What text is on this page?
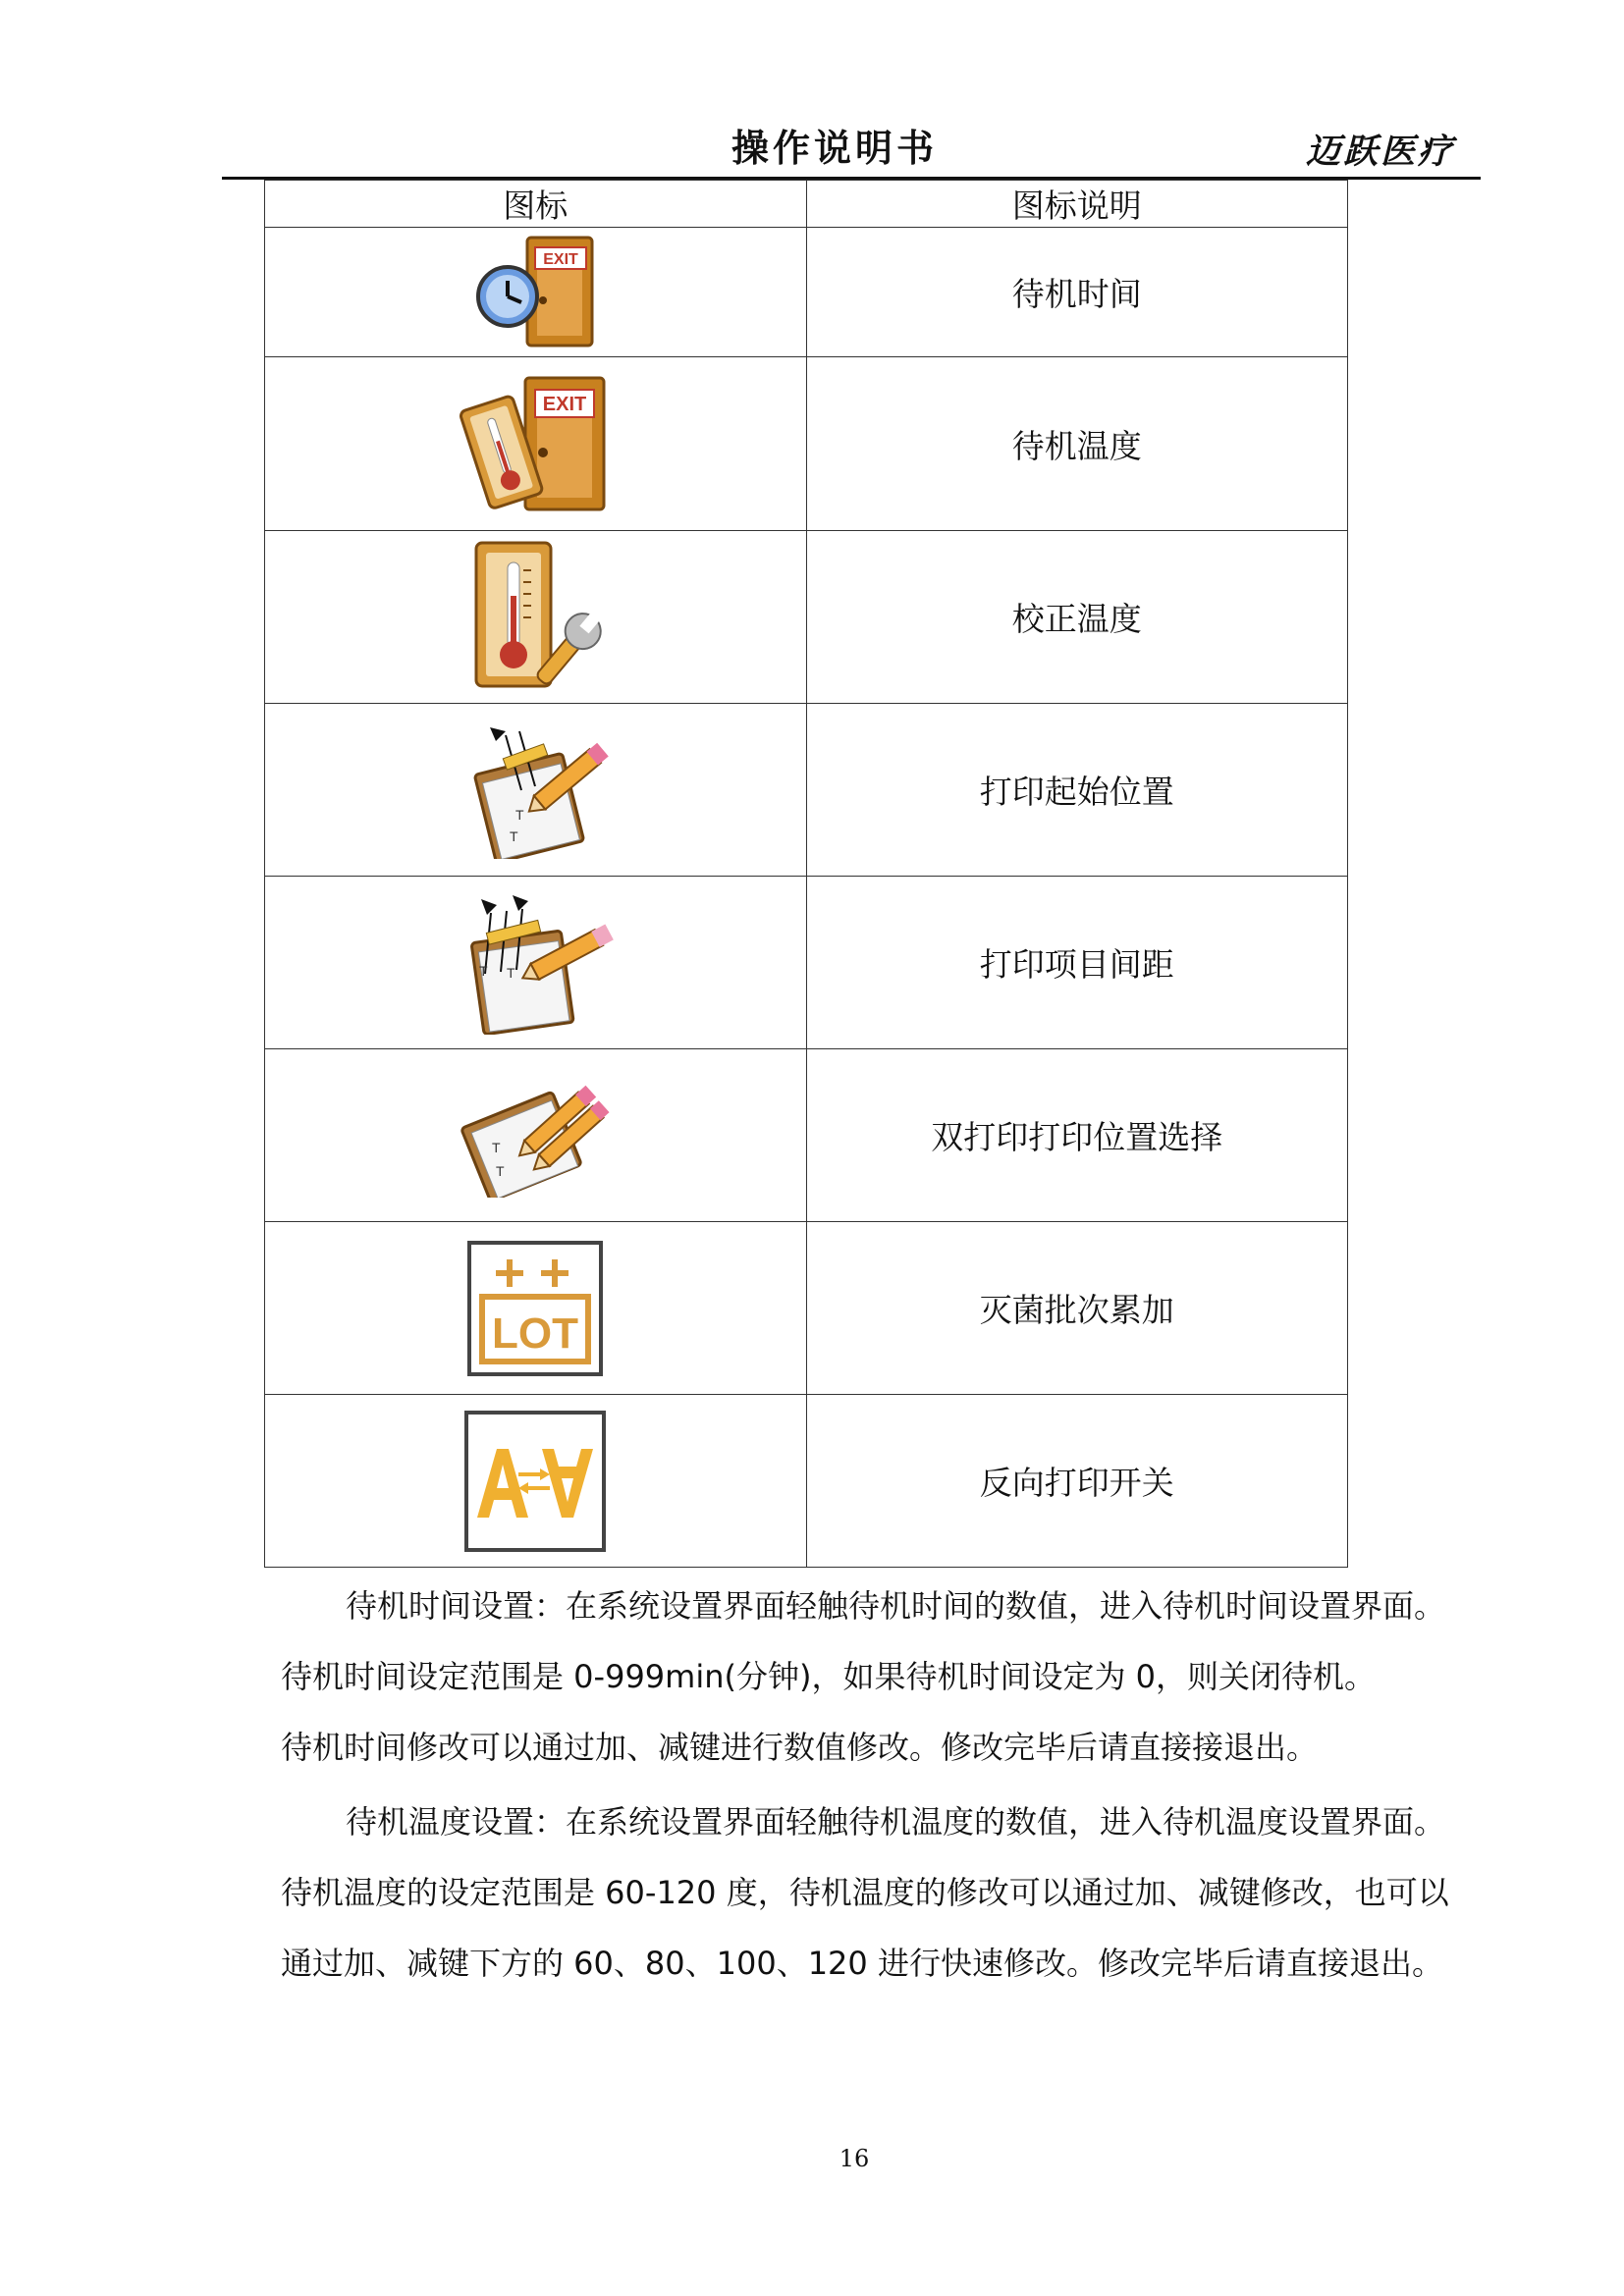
操作说明书	迈跃医疗
图标	图标说明

EXIT	待机时间

EXIT	待机温度

	校正温度

T
T	打印起始位置

T T	打印项目间距

T
T	双打印打印位置选择

LOT	灭菌批次累加

	反向打印开关
待机时间设置：在系统设置界面轻触待机时间的数值，进入待机时间设置界面。
待机时间设定范围是 0-999min(分钟)，如果待机时间设定为 0，则关闭待机。
待机时间修改可以通过加、减键进行数值修改。修改完毕后请直接接退出。
待机温度设置：在系统设置界面轻触待机温度的数值，进入待机温度设置界面。
待机温度的设定范围是 60-120 度，待机温度的修改可以通过加、减键修改，也可以
通过加、减键下方的 60、80、100、120 进行快速修改。修改完毕后请直接退出。
16
